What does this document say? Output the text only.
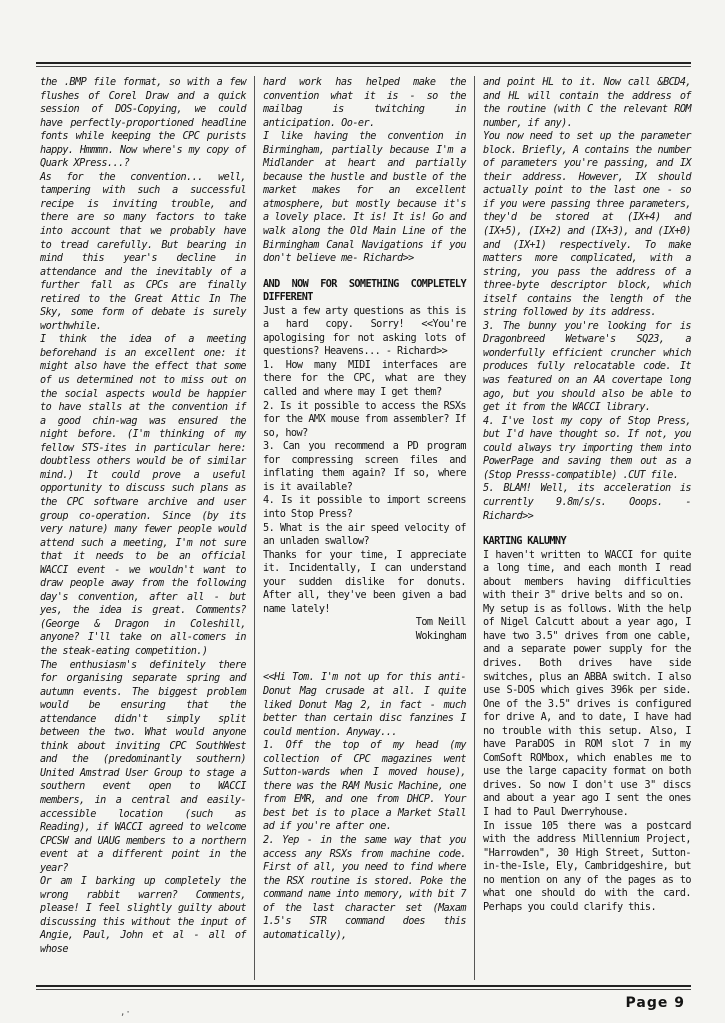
the .BMP file format, so with a few flushes of Corel Draw and a quick session of DOS-Copying, we could have perfectly-proportioned headline fonts while keeping the CPC purists happy. Hmmmn. Now where's my copy of Quark XPress...?

As for the convention... well, tampering with such a successful recipe is inviting trouble, and there are so many factors to take into account that we probably have to tread carefully. But bearing in mind this year's decline in attendance and the inevitably of a further fall as CPCs are finally retired to the Great Attic In The Sky, some form of debate is surely worthwhile.

I think the idea of a meeting beforehand is an excellent one: it might also have the effect that some of us determined not to miss out on the social aspects would be happier to have stalls at the convention if a good chin-wag was ensured the night before. (I'm thinking of my fellow STS-ites in particular here: doubtless others would be of similar mind.) It could prove a useful opportunity to discuss such plans as the CPC software archive and user group co-operation. Since (by its very nature) many fewer people would attend such a meeting, I'm not sure that it needs to be an official WACCI event - we wouldn't want to draw people away from the following day's convention, after all - but yes, the idea is great. Comments? (George & Dragon in Coleshill, anyone? I'll take on all-comers in the steak-eating competition.)

The enthusiasm's definitely there for organising separate spring and autumn events. The biggest problem would be ensuring that the attendance didn't simply split between the two. What would anyone think about inviting CPC SouthWest and the (predominantly southern) United Amstrad User Group to stage a southern event open to WACCI members, in a central and easily-accessible location (such as Reading), if WACCI agreed to welcome CPCSW and UAUG members to a northern event at a different point in the year?

Or am I barking up completely the wrong rabbit warren? Comments, please! I feel slightly guilty about discussing this without the input of Angie, Paul, John et al - all of whose

hard work has helped make the convention what it is - so the mailbag is twitching in anticipation. Oo-er.

I like having the convention in Birmingham, partially because I'm a Midlander at heart and partially because the hustle and bustle of the market makes for an excellent atmosphere, but mostly because it's a lovely place. It is! It is! Go and walk along the Old Main Line of the Birmingham Canal Navigations if you don't believe me- Richard>>

AND NOW FOR SOMETHING COMPLETELY DIFFERENT

Just a few arty questions as this is a hard copy. Sorry! <<You're apologising for not asking lots of questions? Heavens... - Richard>>

1. How many MIDI interfaces are there for the CPC, what are they called and where may I get them?

2. Is it possible to access the RSXs for the AMX mouse from assembler? If so, how?

3. Can you recommend a PD program for compressing screen files and inflating them again? If so, where is it available?

4. Is it possible to import screens into Stop Press?

5. What is the air speed velocity of an unladen swallow?

Thanks for your time, I appreciate it. Incidentally, I can understand your sudden dislike for donuts. After all, they've been given a bad name lately!

Tom Neill

Wokingham

<<Hi Tom. I'm not up for this anti-Donut Mag crusade at all. I quite liked Donut Mag 2, in fact - much better than certain disc fanzines I could mention. Anyway...

1. Off the top of my head (my collection of CPC magazines went Sutton-wards when I moved house), there was the RAM Music Machine, one from EMR, and one from DHCP. Your best bet is to place a Market Stall ad if you're after one.

2. Yep - in the same way that you access any RSXs from machine code. First of all, you need to find where the RSX routine is stored. Poke the command name into memory, with bit 7 of the last character set (Maxam 1.5's STR command does this automatically),

and point HL to it. Now call &BCD4, and HL will contain the address of the routine (with C the relevant ROM number, if any).

You now need to set up the parameter block. Briefly, A contains the number of parameters you're passing, and IX their address. However, IX should actually point to the last one - so if you were passing three parameters, they'd be stored at (IX+4) and (IX+5), (IX+2) and (IX+3), and (IX+0) and (IX+1) respectively. To make matters more complicated, with a string, you pass the address of a three-byte descriptor block, which itself contains the length of the string followed by its address.

3. The bunny you're looking for is Dragonbreed Wetware's SQ23, a wonderfully efficient cruncher which produces fully relocatable code. It was featured on an AA covertape long ago, but you should also be able to get it from the WACCI library.

4. I've lost my copy of Stop Press, but I'd have thought so. If not, you could always try importing them into PowerPage and saving them out as a (Stop Presss-compatible) .CUT file.

5. BLAM! Well, its acceleration is currently 9.8m/s/s. Ooops. - Richard>>

KARTING KALUMNY

I haven't written to WACCI for quite a long time, and each month I read about members having difficulties with their 3" drive belts and so on.

My setup is as follows. With the help of Nigel Calcutt about a year ago, I have two 3.5" drives from one cable, and a separate power supply for the drives. Both drives have side switches, plus an ABBA switch. I also use S-DOS which gives 396k per side. One of the 3.5" drives is configured for drive A, and to date, I have had no trouble with this setup. Also, I have ParaDOS in ROM slot 7 in my ComSoft ROMbox, which enables me to use the large capacity format on both drives. So now I don't use 3" discs and about a year ago I sent the ones I had to Paul Dwerryhouse.

In issue 105 there was a postcard with the address Millennium Project, "Harrowden", 30 High Street, Sutton-in-the-Isle, Ely, Cambridgeshire, but no mention on any of the pages as to what one should do with the card. Perhaps you could clarify this.

Page 9
,·
